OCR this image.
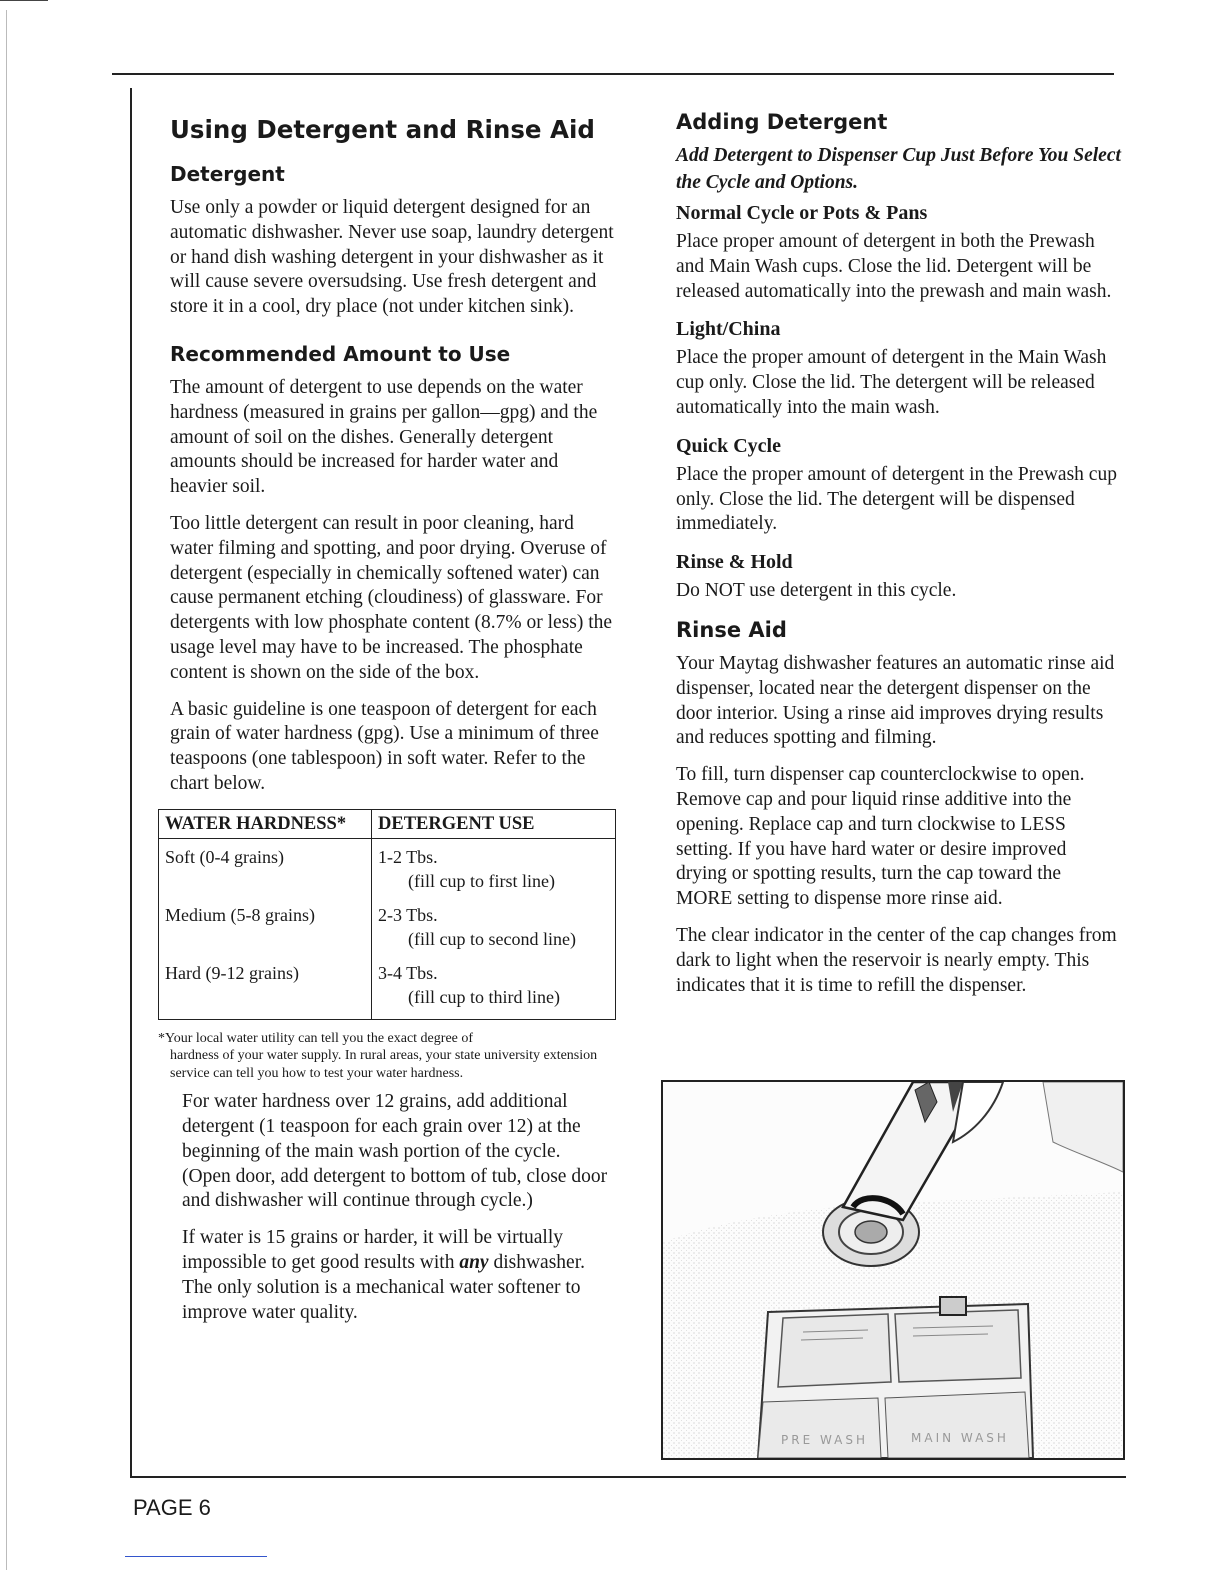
Using Detergent and Rinse Aid
Detergent

Use only a powder or liquid detergent designed for an automatic dishwasher. Never use soap, laundry detergent or hand dish washing detergent in your dishwasher as it will cause severe oversudsing. Use fresh detergent and store it in a cool, dry place (not under kitchen sink).

Recommended Amount to Use

The amount of detergent to use depends on the water hardness (measured in grains per gallon—gpg) and the amount of soil on the dishes. Generally detergent amounts should be increased for harder water and heavier soil.

Too little detergent can result in poor cleaning, hard water filming and spotting, and poor drying. Overuse of detergent (especially in chemically softened water) can cause permanent etching (cloudiness) of glassware. For detergents with low phosphate content (8.7% or less) the usage level may have to be increased. The phosphate content is shown on the side of the box.

A basic guideline is one teaspoon of detergent for each grain of water hardness (gpg). Use a minimum of three teaspoons (one tablespoon) in soft water. Refer to the chart below.

WATER HARDNESS*	DETERGENT USE
Soft (0-4 grains)	1-2 Tbs.
(fill cup to first line)

Medium (5-8 grains)	2-3 Tbs.
(fill cup to second line)

Hard (9-12 grains)	3-4 Tbs.
(fill cup to third line)
*Your local water utility can tell you the exact degree of
hardness of your water supply. In rural areas, your state university extension service can tell you how to test your water hardness.

For water hardness over 12 grains, add additional detergent (1 teaspoon for each grain over 12) at the beginning of the main wash portion of the cycle. (Open door, add detergent to bottom of tub, close door and dishwasher will continue through cycle.)

If water is 15 grains or harder, it will be virtually impossible to get good results with any dishwasher. The only solution is a mechanical water softener to improve water quality.

Adding Detergent
Add Detergent to Dispenser Cup Just Before You Select the Cycle and Options.
Normal Cycle or Pots & Pans

Place proper amount of detergent in both the Prewash and Main Wash cups. Close the lid. Detergent will be released automatically into the prewash and main wash.

Light/China

Place the proper amount of detergent in the Main Wash cup only. Close the lid. The detergent will be released automatically into the main wash.

Quick Cycle

Place the proper amount of detergent in the Prewash cup only. Close the lid. The detergent will be dispensed immediately.

Rinse & Hold

Do NOT use detergent in this cycle.

Rinse Aid

Your Maytag dishwasher features an automatic rinse aid dispenser, located near the detergent dispenser on the door interior. Using a rinse aid improves drying results and reduces spotting and filming.

To fill, turn dispenser cap counterclockwise to open. Remove cap and pour liquid rinse additive into the opening. Replace cap and turn clockwise to LESS setting. If you have hard water or desire improved drying or spotting results, turn the cap toward the MORE setting to dispense more rinse aid.

The clear indicator in the center of the cap changes from dark to light when the reservoir is nearly empty. This indicates that it is time to refill the dispenser.

PRE WASH	MAIN WASH
PAGE 6
